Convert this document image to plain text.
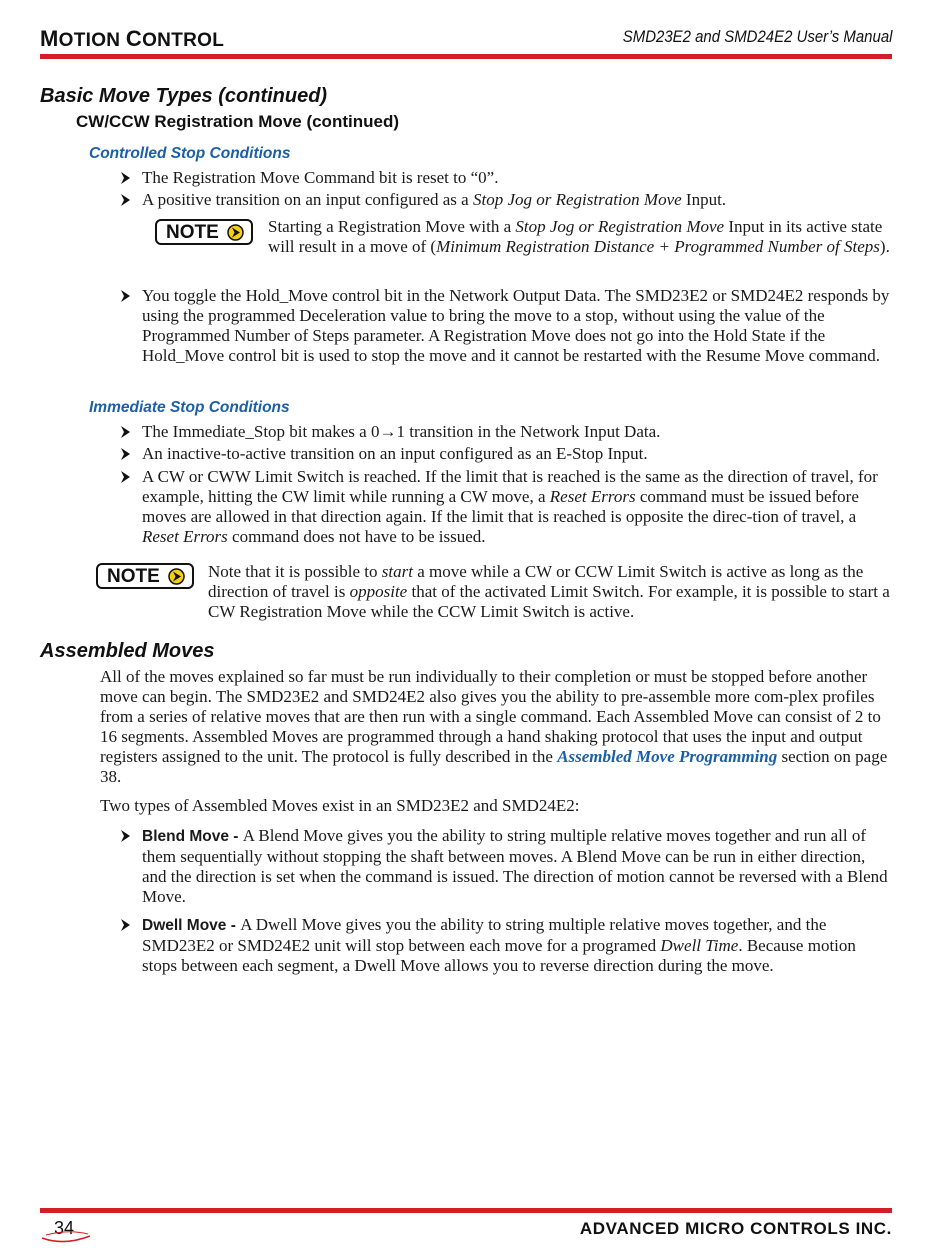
MOTION CONTROL	SMD23E2 and SMD24E2 User’s Manual
Basic Move Types (continued)
CW/CCW Registration Move (continued)
Controlled Stop Conditions
The Registration Move Command bit is reset to “0”.
A positive transition on an input configured as a Stop Jog or Registration Move Input.
NOTE	Starting a Registration Move with a Stop Jog or Registration Move Input in its active state will result in a move of (Minimum Registration Distance + Programmed Number of Steps).
You toggle the Hold_Move control bit in the Network Output Data. The SMD23E2 or SMD24E2 responds by using the programmed Deceleration value to bring the move to a stop, without using the value of the Programmed Number of Steps parameter. A Registration Move does not go into the Hold State if the Hold_Move control bit is used to stop the move and it cannot be restarted with the Resume Move command.
Immediate Stop Conditions
The Immediate_Stop bit makes a 0→1 transition in the Network Input Data.
An inactive-to-active transition on an input configured as an E-Stop Input.
A CW or CWW Limit Switch is reached. If the limit that is reached is the same as the direction of travel, for example, hitting the CW limit while running a CW move, a Reset Errors command must be issued before moves are allowed in that direction again. If the limit that is reached is opposite the direc-tion of travel, a Reset Errors command does not have to be issued.
NOTE	Note that it is possible to start a move while a CW or CCW Limit Switch is active as long as the direction of travel is opposite that of the activated Limit Switch. For example, it is possible to start a CW Registration Move while the CCW Limit Switch is active.
Assembled Moves
All of the moves explained so far must be run individually to their completion or must be stopped before another move can begin. The SMD23E2 and SMD24E2 also gives you the ability to pre-assemble more com-plex profiles from a series of relative moves that are then run with a single command. Each Assembled Move can consist of 2 to 16 segments. Assembled Moves are programmed through a hand shaking protocol that uses the input and output registers assigned to the unit. The protocol is fully described in the Assembled Move Programming section on page 38.
Two types of Assembled Moves exist in an SMD23E2 and SMD24E2:
Blend Move - A Blend Move gives you the ability to string multiple relative moves together and run all of them sequentially without stopping the shaft between moves. A Blend Move can be run in either direction, and the direction is set when the command is issued. The direction of motion cannot be reversed with a Blend Move.
Dwell Move - A Dwell Move gives you the ability to string multiple relative moves together, and the SMD23E2 or SMD24E2 unit will stop between each move for a programed Dwell Time. Because motion stops between each segment, a Dwell Move allows you to reverse direction during the move.
34	ADVANCED MICRO CONTROLS INC.
